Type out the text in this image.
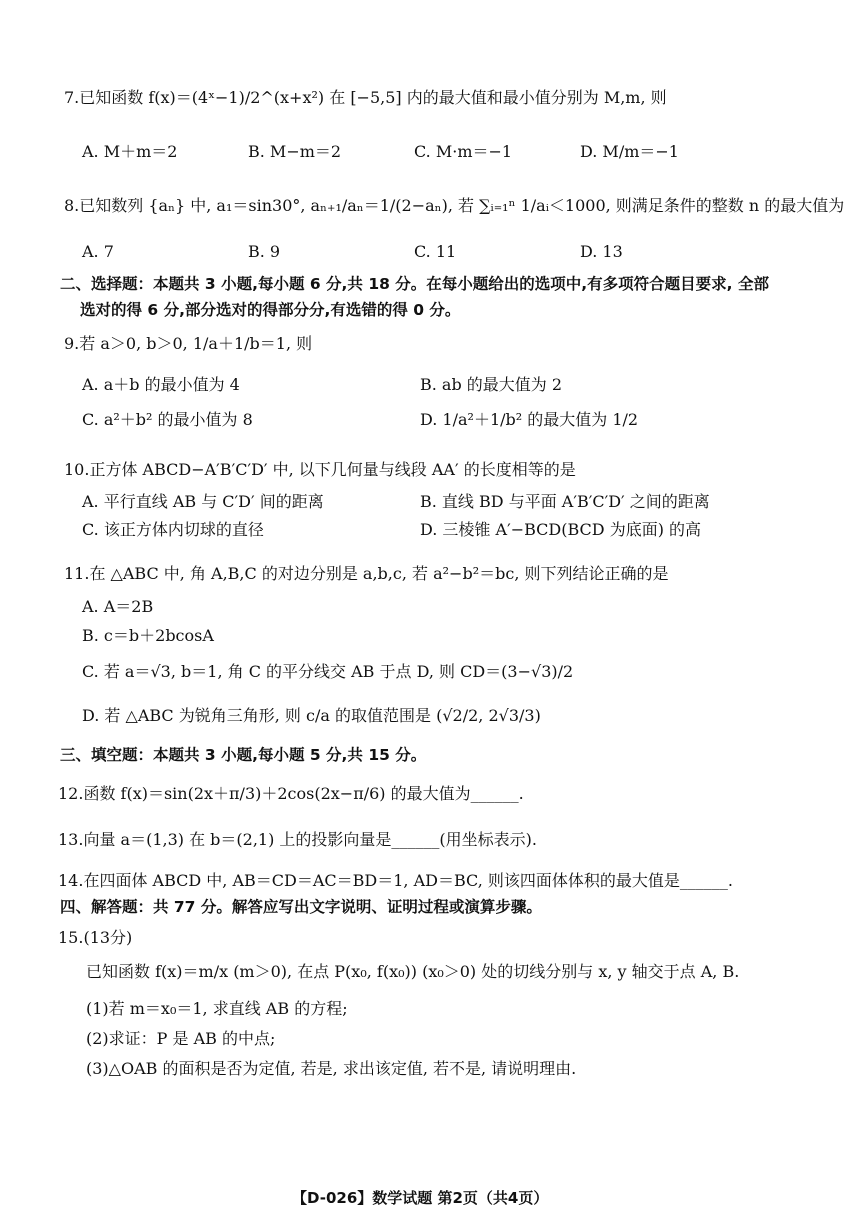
7.已知函数 f(x)＝(4ˣ−1)/2^(x+x²) 在 [−5,5] 内的最大值和最小值分别为 M,m, 则
A. M＋m＝2	B. M−m＝2	C. M·m＝−1	D. M/m＝−1
8.已知数列 {aₙ} 中, a₁＝sin30°, aₙ₊₁/aₙ＝1/(2−aₙ), 若 ∑ᵢ₌₁ⁿ 1/aᵢ＜1000, 则满足条件的整数 n 的最大值为
A. 7	B. 9	C. 11	D. 13
二、选择题：本题共 3 小题,每小题 6 分,共 18 分。在每小题给出的选项中,有多项符合题目要求, 全部
选对的得 6 分,部分选对的得部分分,有选错的得 0 分。
9.若 a＞0, b＞0, 1/a＋1/b＝1, 则
A. a＋b 的最小值为 4	B. ab 的最大值为 2
C. a²＋b² 的最小值为 8	D. 1/a²＋1/b² 的最大值为 1/2
10.正方体 ABCD−A′B′C′D′ 中, 以下几何量与线段 AA′ 的长度相等的是
A. 平行直线 AB 与 C′D′ 间的距离	B. 直线 BD 与平面 A′B′C′D′ 之间的距离
C. 该正方体内切球的直径	D. 三棱锥 A′−BCD(BCD 为底面) 的高
11.在 △ABC 中, 角 A,B,C 的对边分别是 a,b,c, 若 a²−b²＝bc, 则下列结论正确的是
A. A＝2B
B. c＝b＋2bcosA
C. 若 a＝√3, b＝1, 角 C 的平分线交 AB 于点 D, 则 CD＝(3−√3)/2
D. 若 △ABC 为锐角三角形, 则 c/a 的取值范围是 (√2/2, 2√3/3)
三、填空题：本题共 3 小题,每小题 5 分,共 15 分。
12.函数 f(x)＝sin(2x＋π/3)＋2cos(2x−π/6) 的最大值为______.
13.向量 a＝(1,3) 在 b＝(2,1) 上的投影向量是______(用坐标表示).
14.在四面体 ABCD 中, AB＝CD＝AC＝BD＝1, AD＝BC, 则该四面体体积的最大值是______.
四、解答题：共 77 分。解答应写出文字说明、证明过程或演算步骤。
15.(13分)
已知函数 f(x)＝m/x (m＞0), 在点 P(x₀, f(x₀)) (x₀＞0) 处的切线分别与 x, y 轴交于点 A, B.
(1)若 m＝x₀＝1, 求直线 AB 的方程;
(2)求证：P 是 AB 的中点;
(3)△OAB 的面积是否为定值, 若是, 求出该定值, 若不是, 请说明理由.
【D-026】数学试题 第2页（共4页）
